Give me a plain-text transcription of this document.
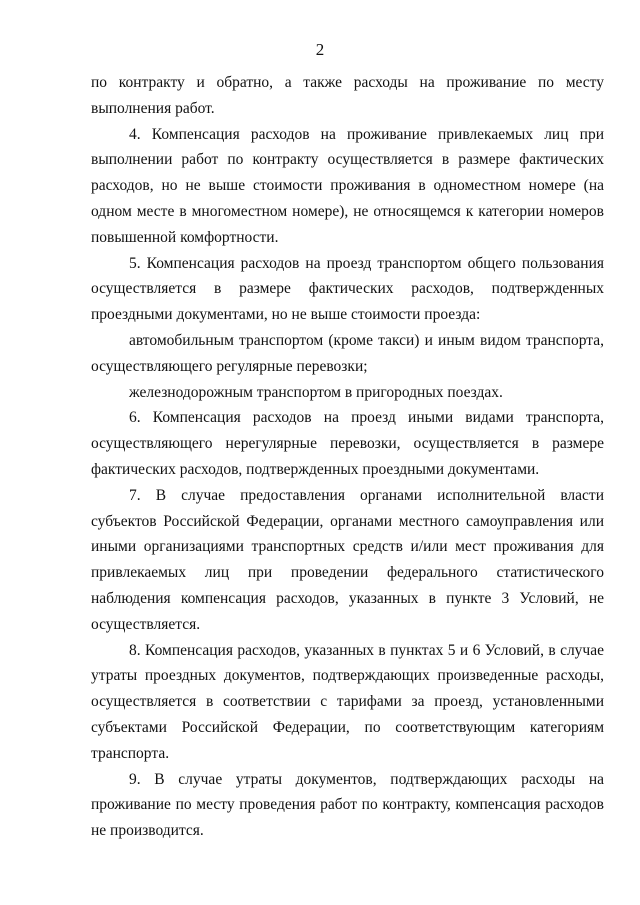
2

по контракту и обратно, а также расходы на проживание по месту выполнения работ.

4. Компенсация расходов на проживание привлекаемых лиц при выполнении работ по контракту осуществляется в размере фактических расходов, но не выше стоимости проживания в одноместном номере (на одном месте в многоместном номере), не относящемся к категории номеров повышенной комфортности.

5. Компенсация расходов на проезд транспортом общего пользования осуществляется в размере фактических расходов, подтвержденных проездными документами, но не выше стоимости проезда:

автомобильным транспортом (кроме такси) и иным видом транспорта, осуществляющего регулярные перевозки;

железнодорожным транспортом в пригородных поездах.

6. Компенсация расходов на проезд иными видами транспорта, осуществляющего нерегулярные перевозки, осуществляется в размере фактических расходов, подтвержденных проездными документами.

7. В случае предоставления органами исполнительной власти субъектов Российской Федерации, органами местного самоуправления или иными организациями транспортных средств и/или мест проживания для привлекаемых лиц при проведении федерального статистического наблюдения компенсация расходов, указанных в пункте 3 Условий, не осуществляется.

8. Компенсация расходов, указанных в пунктах 5 и 6 Условий, в случае утраты проездных документов, подтверждающих произведенные расходы, осуществляется в соответствии с тарифами за проезд, установленными субъектами Российской Федерации, по соответствующим категориям транспорта.

9. В случае утраты документов, подтверждающих расходы на проживание по месту проведения работ по контракту, компенсация расходов не производится.
